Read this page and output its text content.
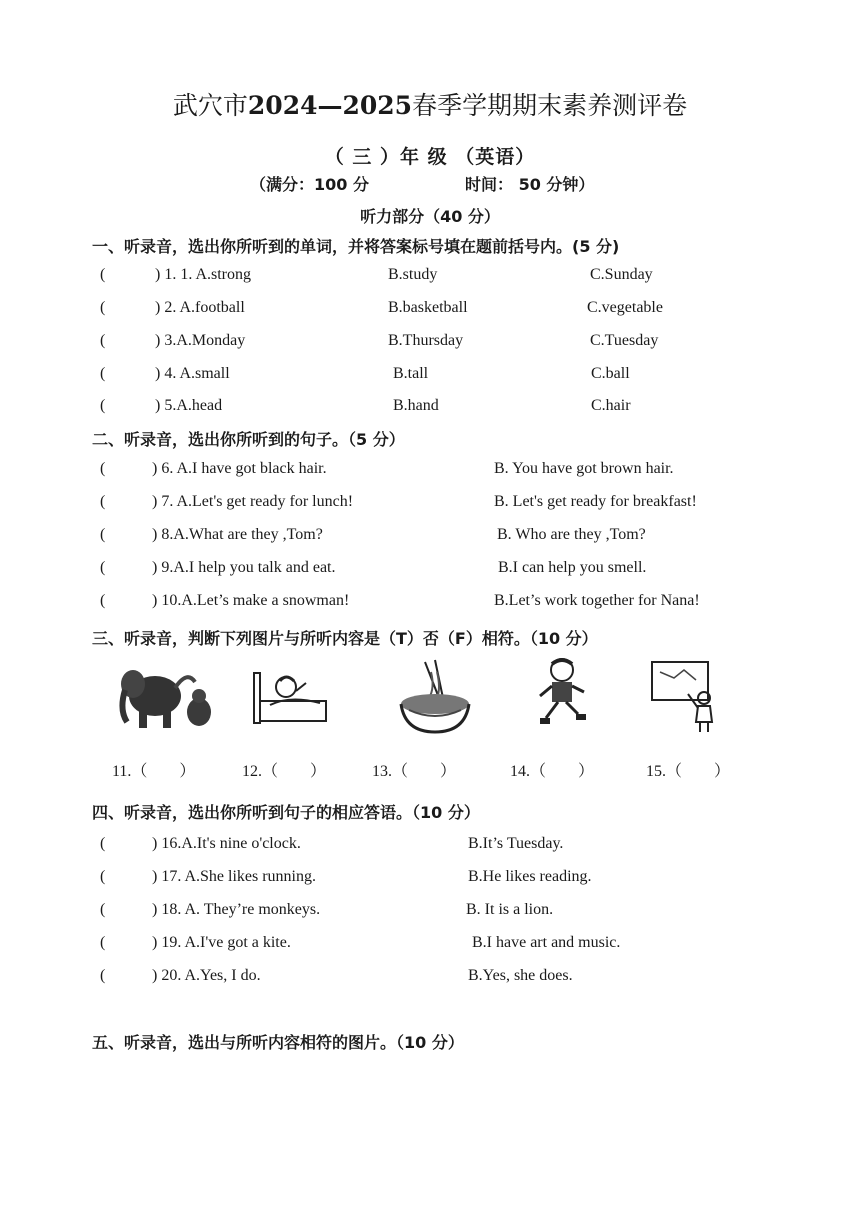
武穴市2024—2025春季学期期末素养测评卷
（ 三 ）年 级 （英语）
（满分：100 分	时间： 50 分钟）
听力部分（40 分）
一、听录音，选出你所听到的单词，并将答案标号填在题前括号内。(5 分)
(	) 1. 1. A.strong	B.study	C.Sunday
(	) 2. A.football	B.basketball	C.vegetable
(	) 3.A.Monday	B.Thursday	C.Tuesday
(	) 4. A.small	B.tall	C.ball
(	) 5.A.head	B.hand	C.hair
二、听录音，选出你所听到的句子。（5 分）
(	) 6. A.I have got black hair.	B. You have got brown hair.
(	) 7. A.Let's get ready for lunch!	B. Let's get ready for breakfast!
(	) 8.A.What are they ,Tom?	B. Who are they ,Tom?
(	) 9.A.I help you talk and eat.	B.I can help you smell.
(	) 10.A.Let’s make a snowman!	B.Let’s work together for Nana!
三、听录音，判断下列图片与所听内容是（T）否（F）相符。（10 分）
11.（　　）	12.（　　）	13.（　　）	14.（　　）	15.（　　）
四、听录音，选出你所听到句子的相应答语。（10 分）
(	) 16.A.It's nine o'clock.	B.It’s Tuesday.
(	) 17. A.She likes running.	B.He likes reading.
(	) 18. A. They’re monkeys.	B. It is a lion.
(	) 19. A.I've got a kite.	B.I have art and music.
(	) 20. A.Yes, I do.	B.Yes, she does.
五、听录音，选出与所听内容相符的图片。（10 分）
